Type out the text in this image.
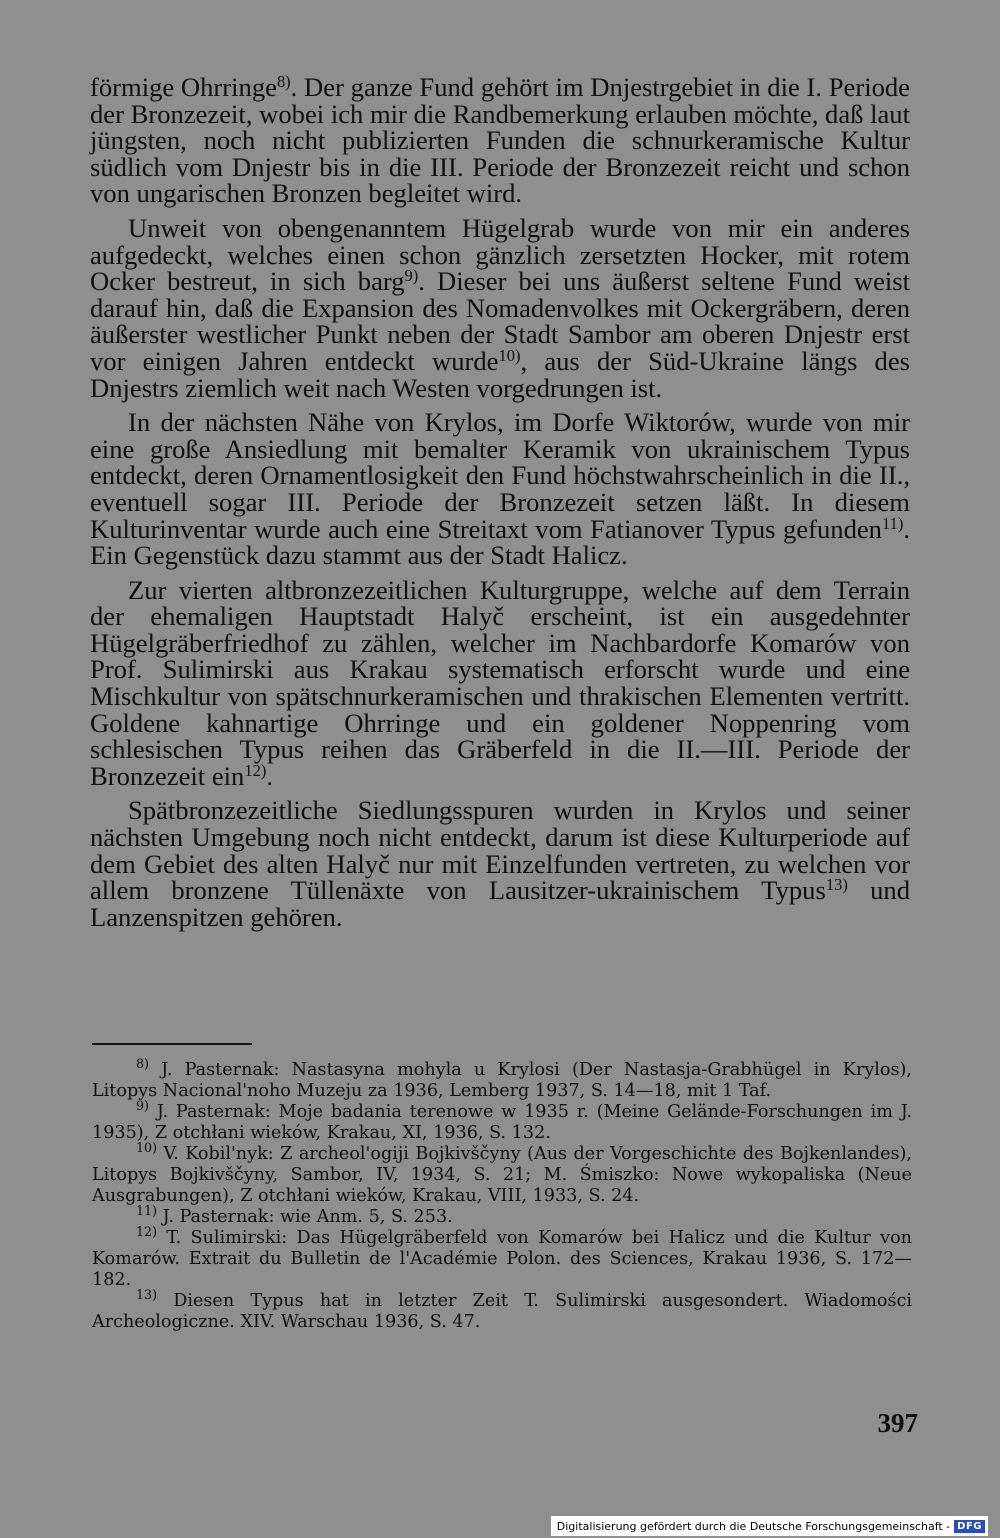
förmige Ohrringe$^{8)}$. Der ganze Fund gehört im Dnjestrgebiet in die I. Periode der Bronzezeit, wobei ich mir die Randbemerkung erlauben möchte, daß laut jüngsten, noch nicht publizierten Funden die schnurkeramische Kultur südlich vom Dnjestr bis in die III. Periode der Bronzezeit reicht und schon von ungarischen Bronzen begleitet wird.

Unweit von obengenanntem Hügelgrab wurde von mir ein anderes aufgedeckt, welches einen schon gänzlich zersetzten Hocker, mit rotem Ocker bestreut, in sich barg$^{9)}$. Dieser bei uns äußerst seltene Fund weist darauf hin, daß die Expansion des Nomadenvolkes mit Ockergräbern, deren äußerster westlicher Punkt neben der Stadt Sambor am oberen Dnjestr erst vor einigen Jahren entdeckt wurde$^{10)}$, aus der Süd-Ukraine längs des Dnjestrs ziemlich weit nach Westen vorgedrungen ist.

In der nächsten Nähe von Krylos, im Dorfe Wiktorów, wurde von mir eine große Ansiedlung mit bemalter Keramik von ukrainischem Typus entdeckt, deren Ornamentlosigkeit den Fund höchstwahrscheinlich in die II., eventuell sogar III. Periode der Bronzezeit setzen läßt. In diesem Kulturinventar wurde auch eine Streitaxt vom Fatianover Typus gefunden$^{11)}$. Ein Gegenstück dazu stammt aus der Stadt Halicz.

Zur vierten altbronzezeitlichen Kulturgruppe, welche auf dem Terrain der ehemaligen Hauptstadt Halyč erscheint, ist ein ausgedehnter Hügelgräberfriedhof zu zählen, welcher im Nachbardorfe Komarów von Prof. Sulimirski aus Krakau systematisch erforscht wurde und eine Mischkultur von spätschnurkeramischen und thrakischen Elementen vertritt. Goldene kahnartige Ohrringe und ein goldener Noppenring vom schlesischen Typus reihen das Gräberfeld in die II.—III. Periode der Bronzezeit ein$^{12)}$.

Spätbronzezeitliche Siedlungsspuren wurden in Krylos und seiner nächsten Umgebung noch nicht entdeckt, darum ist diese Kulturperiode auf dem Gebiet des alten Halyč nur mit Einzelfunden vertreten, zu welchen vor allem bronzene Tüllenäxte von Lausitzer-ukrainischem Typus$^{13)}$ und Lanzenspitzen gehören.

$^{8)}$ J. Pasternak: Nastasyna mohyla u Krylosi (Der Nastasja-Grabhügel in Krylos), Litopys Nacional'noho Muzeju za 1936, Lemberg 1937, S. 14—18, mit 1 Taf.

$^{9)}$ J. Pasternak: Moje badania terenowe w 1935 r. (Meine Gelände-Forschungen im J. 1935), Z otchłani wieków, Krakau, XI, 1936, S. 132.

$^{10)}$ V. Kobil'nyk: Z archeol'ogiji Bojkivščyny (Aus der Vorgeschichte des Bojkenlandes), Litopys Bojkivščyny, Sambor, IV, 1934, S. 21; M. Śmiszko: Nowe wykopaliska (Neue Ausgrabungen), Z otchłani wieków, Krakau, VIII, 1933, S. 24.

$^{11)}$ J. Pasternak: wie Anm. 5, S. 253.

$^{12)}$ T. Sulimirski: Das Hügelgräberfeld von Komarów bei Halicz und die Kultur von Komarów. Extrait du Bulletin de l'Académie Polon. des Sciences, Krakau 1936, S. 172—182.

$^{13)}$ Diesen Typus hat in letzter Zeit T. Sulimirski ausgesondert. Wiadomości Archeologiczne. XIV. Warschau 1936, S. 47.

397
Digitalisierung gefördert durch die Deutsche Forschungsgemeinschaft - DFG
